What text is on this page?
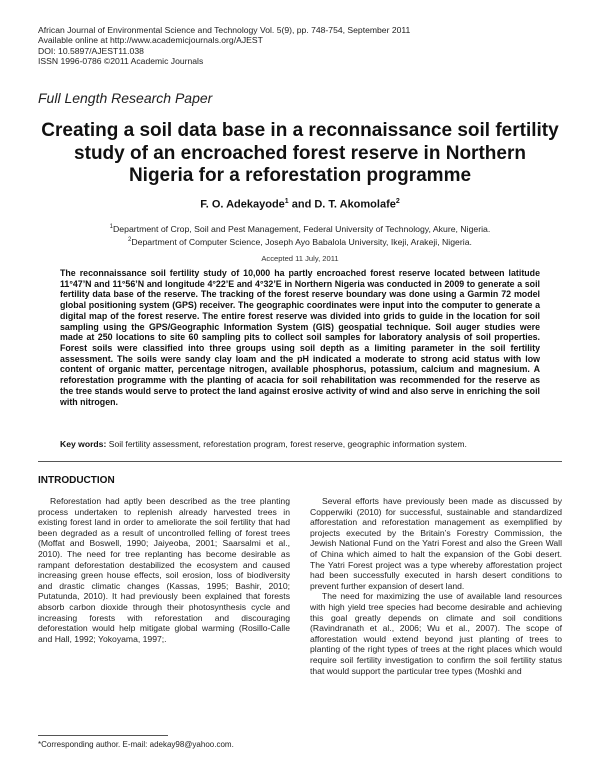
African Journal of Environmental Science and Technology Vol. 5(9), pp. 748-754, September 2011
Available online at http://www.academicjournals.org/AJEST
DOI: 10.5897/AJEST11.038
ISSN 1996-0786 ©2011 Academic Journals
Full Length Research Paper
Creating a soil data base in a reconnaissance soil fertility study of an encroached forest reserve in Northern Nigeria for a reforestation programme
F. O. Adekayode$^1$ and D. T. Akomolafe$^2$
$^1$Department of Crop, Soil and Pest Management, Federal University of Technology, Akure, Nigeria.
$^2$Department of Computer Science, Joseph Ayo Babalola University, Ikeji, Arakeji, Nigeria.
Accepted 11 July, 2011
The reconnaissance soil fertility study of 10,000 ha partly encroached forest reserve located between latitude 11°47’N and 11°56’N and longitude 4°22’E and 4°32’E in Northern Nigeria was conducted in 2009 to generate a soil fertility data base of the reserve. The tracking of the forest reserve boundary was done using a Garmin 72 model global positioning system (GPS) receiver. The geographic coordinates were input into the computer to generate a digital map of the forest reserve. The entire forest reserve was divided into grids to guide in the location for soil sampling using the GPS/Geographic Information System (GIS) geospatial technique. Soil auger studies were made at 250 locations to site 60 sampling pits to collect soil samples for laboratory analysis of soil properties. Forest soils were classified into three groups using soil depth as a limiting parameter in the soil fertility assessment. The soils were sandy clay loam and the pH indicated a moderate to strong acid status with low content of organic matter, percentage nitrogen, available phosphorus, potassium, calcium and magnesium. A reforestation programme with the planting of acacia for soil rehabilitation was recommended for the reserve as the tree stands would serve to protect the land against erosive activity of wind and also serve in enriching the soil with nitrogen.
Key words: Soil fertility assessment, reforestation program, forest reserve, geographic information system.
INTRODUCTION

Reforestation had aptly been described as the tree planting process undertaken to replenish already harvested trees in existing forest land in order to ameliorate the soil fertility that had been degraded as a result of uncontrolled felling of forest trees (Moffat and Boswell, 1990; Jaiyeoba, 2001; Saarsalmi et al., 2010). The need for tree replanting has become desirable as rampant deforestation destabilized the ecosystem and caused increasing green house effects, soil erosion, loss of biodiversity and drastic climatic changes (Kassas, 1995; Bashir, 2010; Putatunda, 2010). It had previously been explained that forests absorb carbon dioxide through their photosynthesis cycle and increasing forests with reforestation and discouraging deforestation would help mitigate global warming (Rosillo-Calle and Hall, 1992; Yokoyama, 1997;.

Several efforts have previously been made as discussed by Copperwiki (2010) for successful, sustainable and standardized afforestation and reforestation management as exemplified by projects executed by the Britain’s Forestry Commission, the Jewish National Fund on the Yatri Forest and also the Green Wall of China which aimed to halt the expansion of the Gobi desert. The Yatri Forest project was a type whereby afforestation project had been successfully executed in harsh desert conditions to prevent further expansion of desert land.

The need for maximizing the use of available land resources with high yield tree species had become desirable and achieving this goal greatly depends on climate and soil conditions (Ravindranath et al., 2006; Wu et al., 2007). The scope of afforestation would extend beyond just planting of trees to planting of the right types of trees at the right places which would require soil fertility investigation to confirm the soil fertility status that would support the particular tree types (Moshki and

*Corresponding author. E-mail: adekay98@yahoo.com.
